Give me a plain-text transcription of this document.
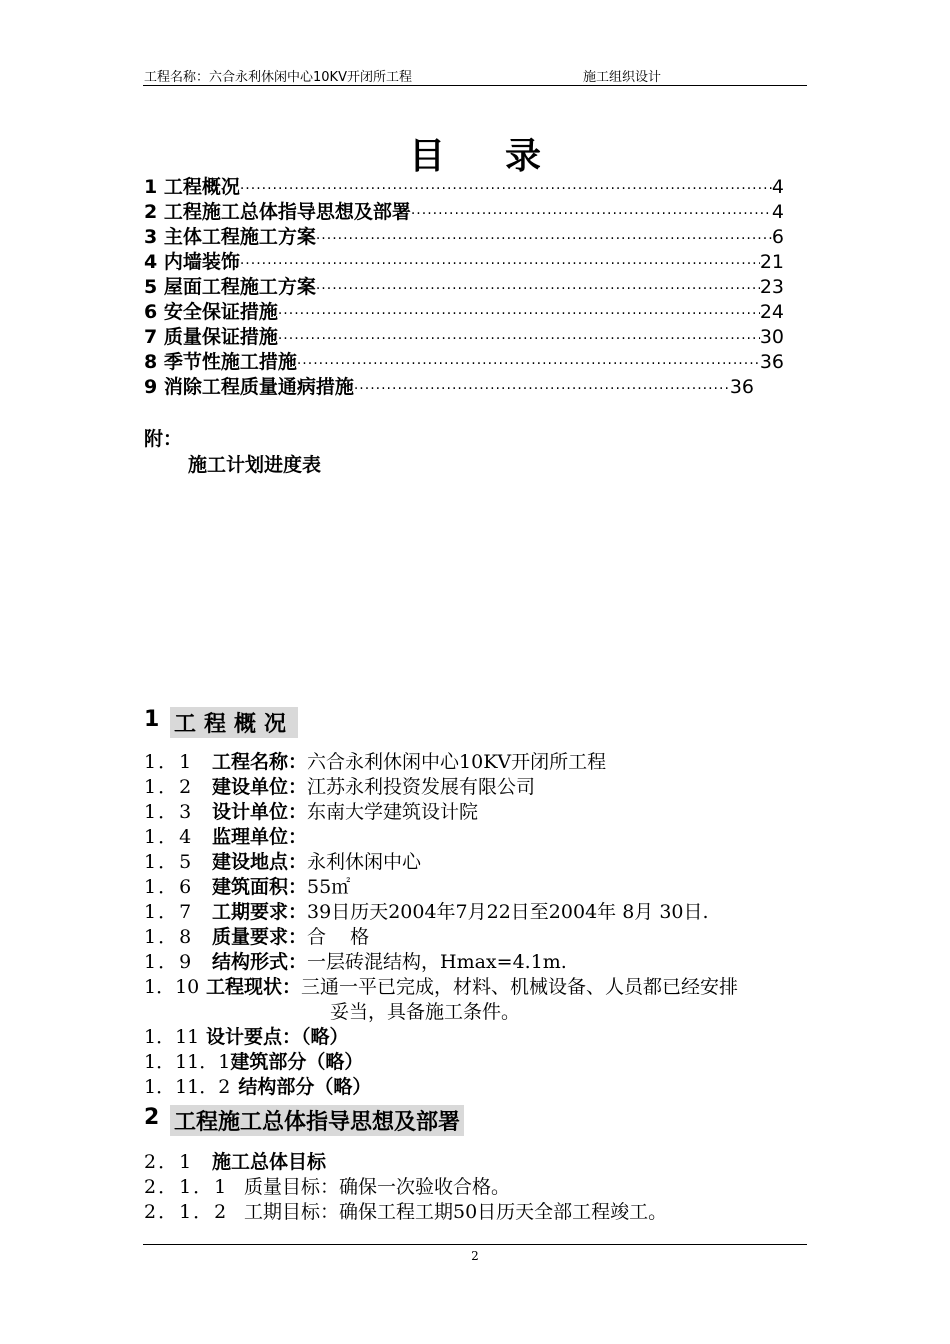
工程名称：六合永利休闲中心10KV开闭所工程	施工组织设计
目录
1 工程概况 ·····	4
2 工程施工总体指导思想及部署 ·····	4
3 主体工程施工方案 ·····	6
4 内墙装饰 ·····	21
5 屋面工程施工方案 ·····	23
6 安全保证措施 ·····	24
7 质量保证措施 ·····	30
8 季节性施工措施 ·····	36
9 消除工程质量通病措施 ·····	36
附：
施工计划进度表
1 工程概况
1．1 工程名称：六合永利休闲中心10KV开闭所工程
1．2 建设单位：江苏永利投资发展有限公司
1．3 设计单位：东南大学建筑设计院
1．4 监理单位：
1．5 建设地点：永利休闲中心
1．6 建筑面积：55㎡
1．7 工期要求：39日历天2004年7月22日至2004年 8月 30日.
1．8 质量要求：合    格
1．9 结构形式：一层砖混结构，Hmax=4.1m.
1．10 工程现状：三通一平已完成，材料、机械设备、人员都已经安排
妥当，具备施工条件。
1．11 设计要点：（略）
1．11．1建筑部分（略）
1．11．2 结构部分（略）
2 工程施工总体指导思想及部署
2．1 施工总体目标
2．1．1 质量目标：确保一次验收合格。
2．1．2 工期目标：确保工程工期50日历天全部工程竣工。
2
